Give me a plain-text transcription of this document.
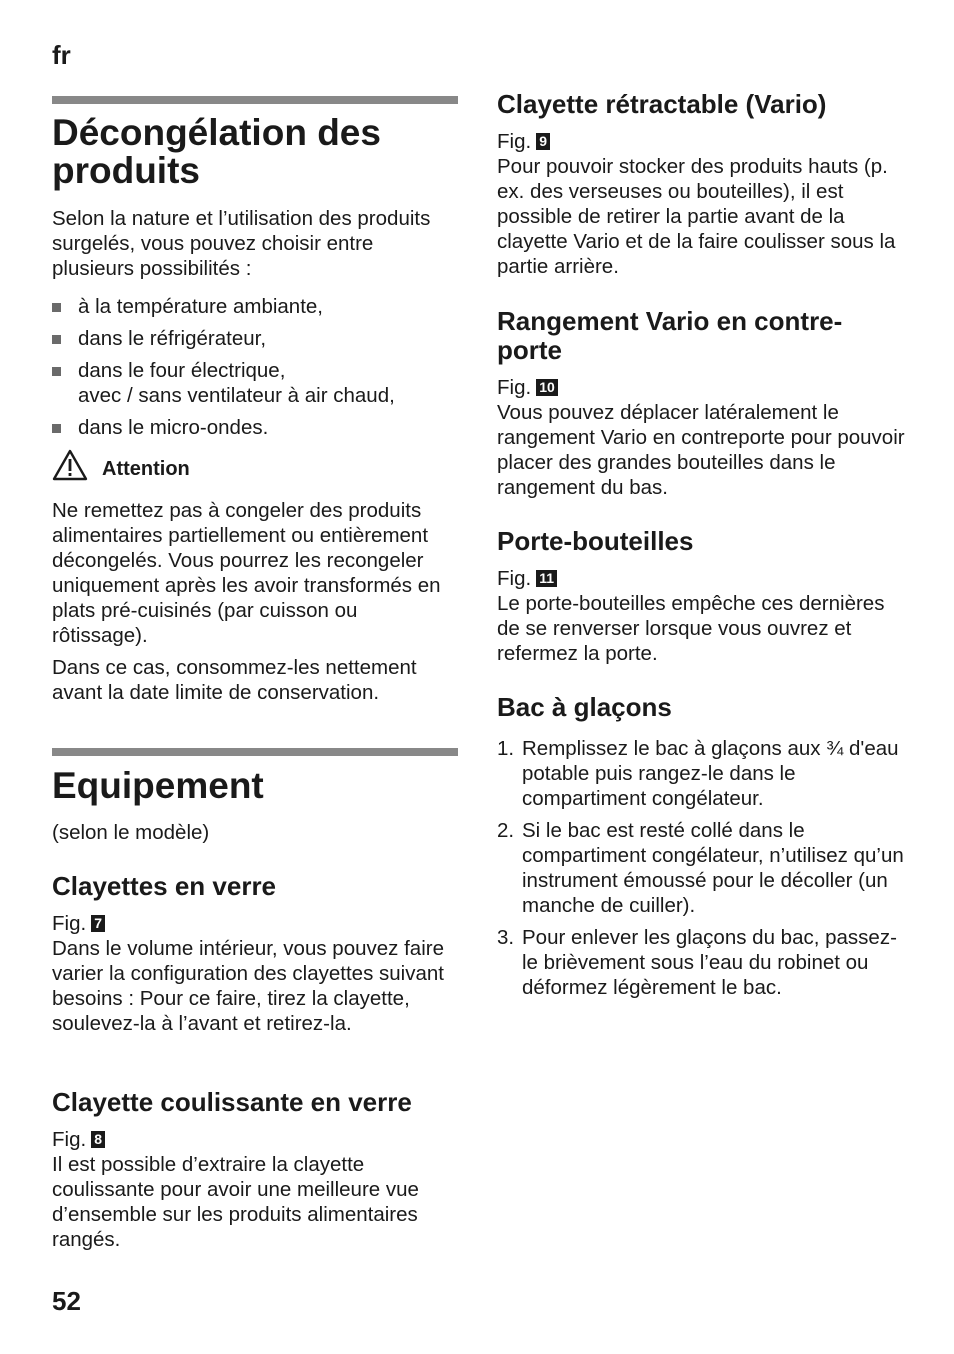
fr
52
Décongélation des produits

Selon la nature et l’utilisation des produits surgelés, vous pouvez choisir entre plusieurs possibilités :

à la température ambiante,
dans le réfrigérateur,
dans le four électrique,
avec / sans ventilateur à air chaud,
dans le micro-ondes.
Attention

Ne remettez pas à congeler des produits alimentaires partiellement ou entièrement décongelés. Vous pourrez les recongeler uniquement après les avoir transformés en plats pré-cuisinés (par cuisson ou rôtissage).

Dans ce cas, consommez-les nettement avant la date limite de conservation.

Equipement

(selon le modèle)

Clayettes en verre
Fig. 7

Dans le volume intérieur, vous pouvez faire varier la configuration des clayettes suivant besoins : Pour ce faire, tirez la clayette, soulevez-la à l’avant et retirez-la.

Clayette coulissante en verre
Fig. 8

Il est possible d’extraire la clayette coulissante pour avoir une meilleure vue d’ensemble sur les produits alimentaires rangés.

Clayette rétractable (Vario)
Fig. 9

Pour pouvoir stocker des produits hauts (p. ex. des verseuses ou bouteilles), il est possible de retirer la partie avant de la clayette Vario et de la faire coulisser sous la partie arrière.

Rangement Vario en contre-porte
Fig. 10

Vous pouvez déplacer latéralement le rangement Vario en contreporte pour pouvoir placer des grandes bouteilles dans le rangement du bas.

Porte-bouteilles
Fig. 11

Le porte-bouteilles empêche ces dernières de se renverser lorsque vous ouvrez et refermez la porte.

Bac à glaçons
1. Remplissez le bac à glaçons aux ¾ d'eau potable puis rangez-le dans le compartiment congélateur.
2. Si le bac est resté collé dans le compartiment congélateur, n’utilisez qu’un instrument émoussé pour le décoller (un manche de cuiller).
3. Pour enlever les glaçons du bac, passez-le brièvement sous l’eau du robinet ou déformez légèrement le bac.
